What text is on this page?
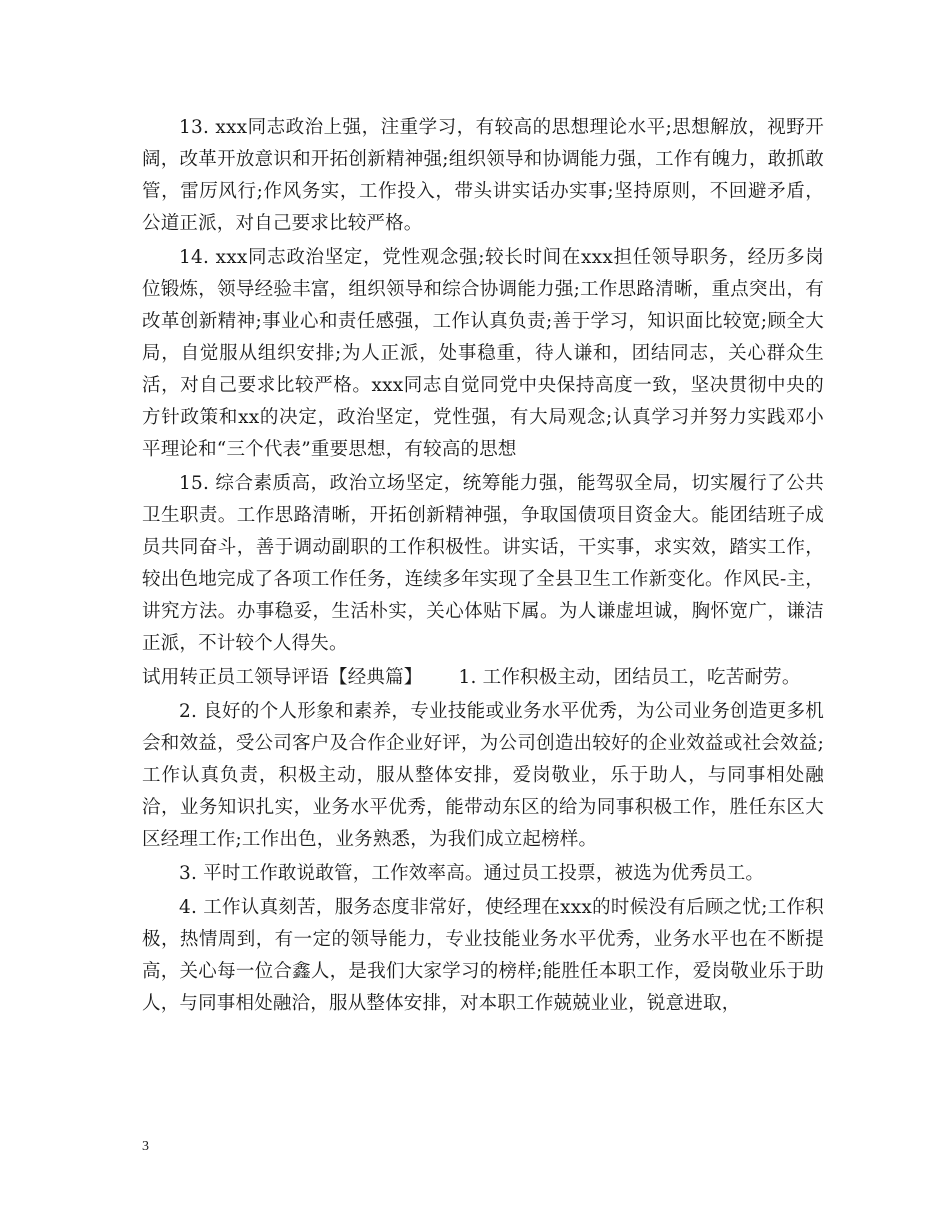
13. xxx同志政治上强，注重学习，有较高的思想理论水平;思想解放，视野开阔，改革开放意识和开拓创新精神强;组织领导和协调能力强，工作有魄力，敢抓敢管，雷厉风行;作风务实，工作投入，带头讲实话办实事;坚持原则，不回避矛盾，公道正派，对自己要求比较严格。

14. xxx同志政治坚定，党性观念强;较长时间在xxx担任领导职务，经历多岗位锻炼，领导经验丰富，组织领导和综合协调能力强;工作思路清晰，重点突出，有改革创新精神;事业心和责任感强，工作认真负责;善于学习，知识面比较宽;顾全大局，自觉服从组织安排;为人正派，处事稳重，待人谦和，团结同志，关心群众生活，对自己要求比较严格。xxx同志自觉同党中央保持高度一致，坚决贯彻中央的方针政策和xx的决定，政治坚定，党性强，有大局观念;认真学习并努力实践邓小平理论和“三个代表”重要思想，有较高的思想

15. 综合素质高，政治立场坚定，统筹能力强，能驾驭全局，切实履行了公共卫生职责。工作思路清晰，开拓创新精神强，争取国债项目资金大。能团结班子成员共同奋斗，善于调动副职的工作积极性。讲实话，干实事，求实效，踏实工作，较出色地完成了各项工作任务，连续多年实现了全县卫生工作新变化。作风民-主，讲究方法。办事稳妥，生活朴实，关心体贴下属。为人谦虚坦诚，胸怀宽广，谦洁正派，不计较个人得失。

试用转正员工领导评语【经典篇】 1. 工作积极主动，团结员工，吃苦耐劳。

2. 良好的个人形象和素养，专业技能或业务水平优秀，为公司业务创造更多机会和效益，受公司客户及合作企业好评，为公司创造出较好的企业效益或社会效益;工作认真负责，积极主动，服从整体安排，爱岗敬业，乐于助人，与同事相处融洽，业务知识扎实，业务水平优秀，能带动东区的给为同事积极工作，胜任东区大区经理工作;工作出色，业务熟悉，为我们成立起榜样。

3. 平时工作敢说敢管，工作效率高。通过员工投票，被选为优秀员工。

4. 工作认真刻苦，服务态度非常好，使经理在xxx的时候没有后顾之忧;工作积极，热情周到，有一定的领导能力，专业技能业务水平优秀，业务水平也在不断提高，关心每一位合鑫人，是我们大家学习的榜样;能胜任本职工作，爱岗敬业乐于助人，与同事相处融洽，服从整体安排，对本职工作兢兢业业，锐意进取，

3
